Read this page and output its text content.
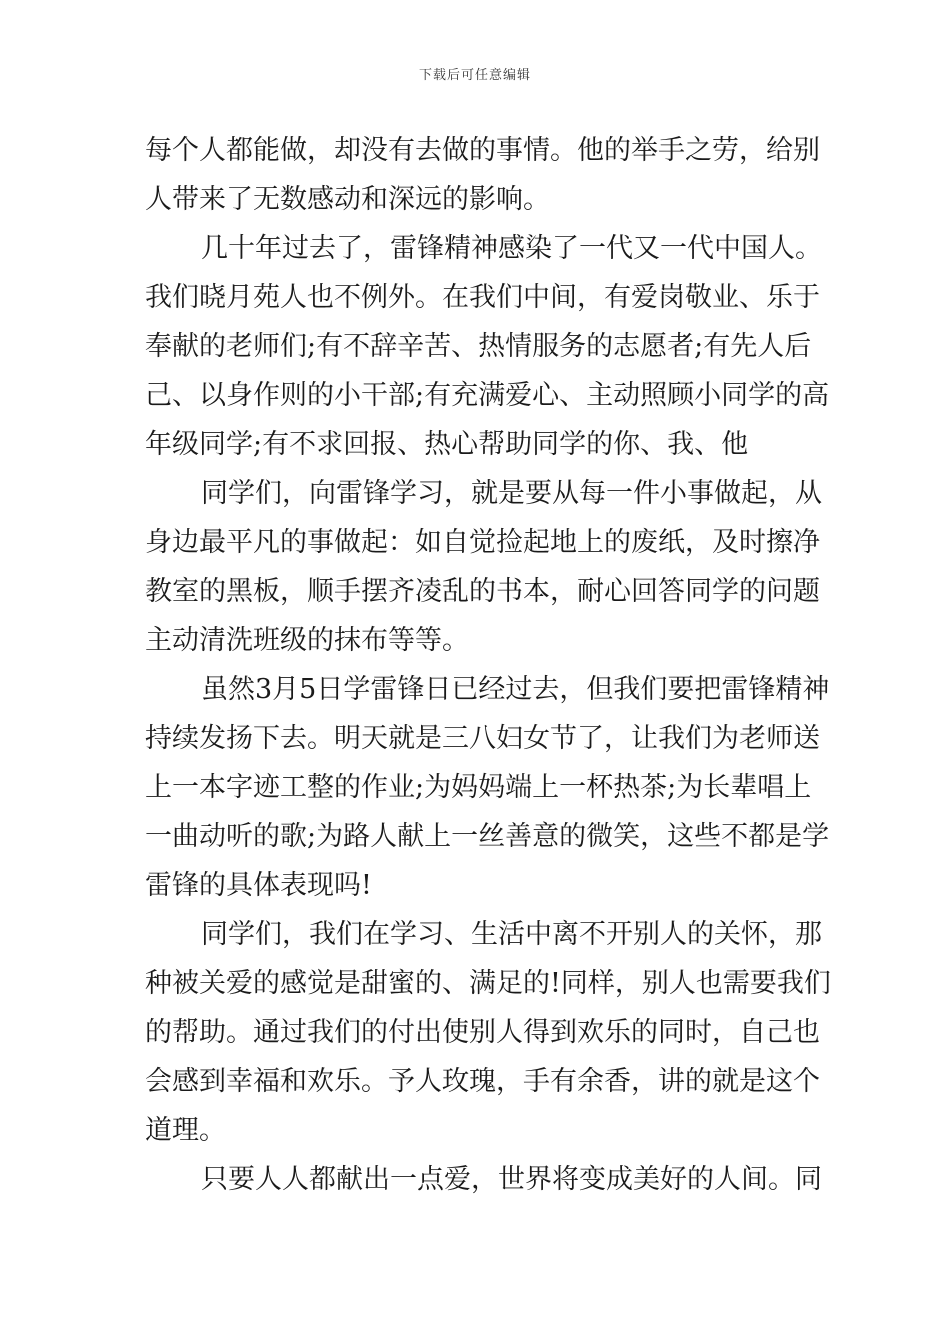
下载后可任意编辑
每个人都能做，却没有去做的事情。他的举手之劳，给别
人带来了无数感动和深远的影响。
几十年过去了，雷锋精神感染了一代又一代中国人。
我们晓月苑人也不例外。在我们中间，有爱岗敬业、乐于
奉献的老师们;有不辞辛苦、热情服务的志愿者;有先人后
己、以身作则的小干部;有充满爱心、主动照顾小同学的高
年级同学;有不求回报、热心帮助同学的你、我、他
同学们，向雷锋学习，就是要从每一件小事做起，从
身边最平凡的事做起：如自觉捡起地上的废纸，及时擦净
教室的黑板，顺手摆齐凌乱的书本，耐心回答同学的问题
主动清洗班级的抹布等等。
虽然3月5日学雷锋日已经过去，但我们要把雷锋精神
持续发扬下去。明天就是三八妇女节了，让我们为老师送
上一本字迹工整的作业;为妈妈端上一杯热茶;为长辈唱上
一曲动听的歌;为路人献上一丝善意的微笑，这些不都是学
雷锋的具体表现吗!
同学们，我们在学习、生活中离不开别人的关怀，那
种被关爱的感觉是甜蜜的、满足的!同样，别人也需要我们
的帮助。通过我们的付出使别人得到欢乐的同时，自己也
会感到幸福和欢乐。予人玫瑰，手有余香，讲的就是这个
道理。
只要人人都献出一点爱，世界将变成美好的人间。同
